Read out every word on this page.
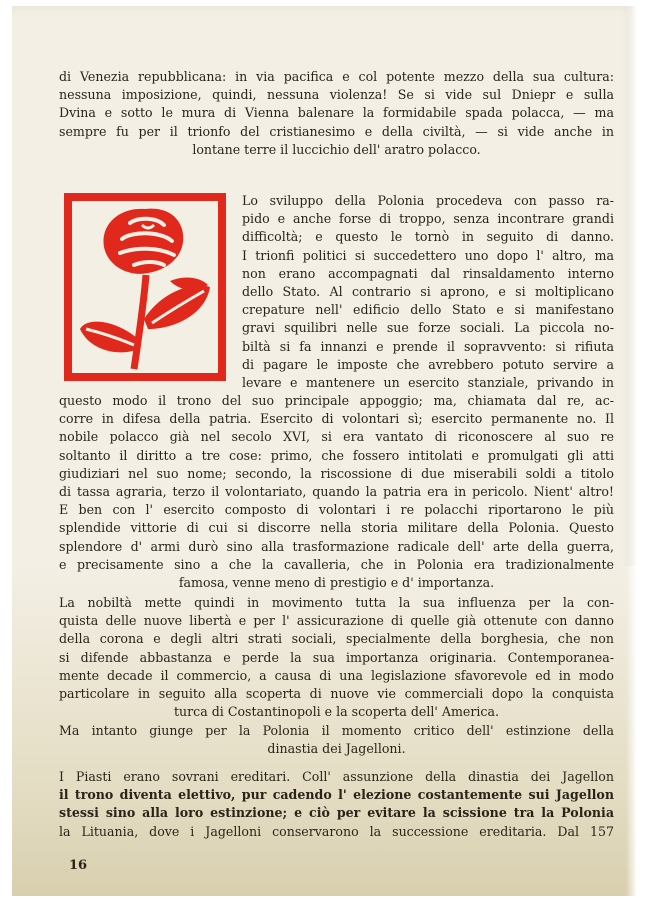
di Venezia repubblicana: in via pacifica e col potente mezzo della sua cultura:
nessuna imposizione, quindi, nessuna violenza! Se si vide sul Dniepr e sulla
Dvina e sotto le mura di Vienna balenare la formidabile spada polacca, — ma
sempre fu per il trionfo del cristianesimo e della civiltà, — si vide anche in
lontane terre il luccichio dell' aratro polacco.
Lo sviluppo della Polonia procedeva con passo ra-
pido e anche forse di troppo, senza incontrare grandi
difficoltà; e questo le tornò in seguito di danno.
I trionfi politici si succedettero uno dopo l' altro, ma
non erano accompagnati dal rinsaldamento interno
dello Stato. Al contrario si aprono, e si moltiplicano
crepature nell' edificio dello Stato e si manifestano
gravi squilibri nelle sue forze sociali. La piccola no-
biltà si fa innanzi e prende il sopravvento: si rifiuta
di pagare le imposte che avrebbero potuto servire a
levare e mantenere un esercito stanziale, privando in
questo modo il trono del suo principale appoggio; ma, chiamata dal re, ac-
corre in difesa della patria. Esercito di volontari sì; esercito permanente no. Il
nobile polacco già nel secolo XVI, si era vantato di riconoscere al suo re
soltanto il diritto a tre cose: primo, che fossero intitolati e promulgati gli atti
giudiziari nel suo nome; secondo, la riscossione di due miserabili soldi a titolo
di tassa agraria, terzo il volontariato, quando la patria era in pericolo. Nient' altro!
E ben con l' esercito composto di volontari i re polacchi riportarono le più
splendide vittorie di cui si discorre nella storia militare della Polonia. Questo
splendore d' armi durò sino alla trasformazione radicale dell' arte della guerra,
e precisamente sino a che la cavalleria, che in Polonia era tradizionalmente
famosa, venne meno di prestigio e d' importanza.
La nobiltà mette quindi in movimento tutta la sua influenza per la con-
quista delle nuove libertà e per l' assicurazione di quelle già ottenute con danno
della corona e degli altri strati sociali, specialmente della borghesia, che non
si difende abbastanza e perde la sua importanza originaria. Contemporanea-
mente decade il commercio, a causa di una legislazione sfavorevole ed in modo
particolare in seguito alla scoperta di nuove vie commerciali dopo la conquista
turca di Costantinopoli e la scoperta dell' America.
Ma intanto giunge per la Polonia il momento critico dell' estinzione della
dinastia dei Jagelloni.
I Piasti erano sovrani ereditari. Coll' assunzione della dinastia dei Jagellon
il trono diventa elettivo, pur cadendo l' elezione costantemente sui Jagellon
stessi sino alla loro estinzione; e ciò per evitare la scissione tra la Polonia
la Lituania, dove i Jagelloni conservarono la successione ereditaria. Dal 157
16
